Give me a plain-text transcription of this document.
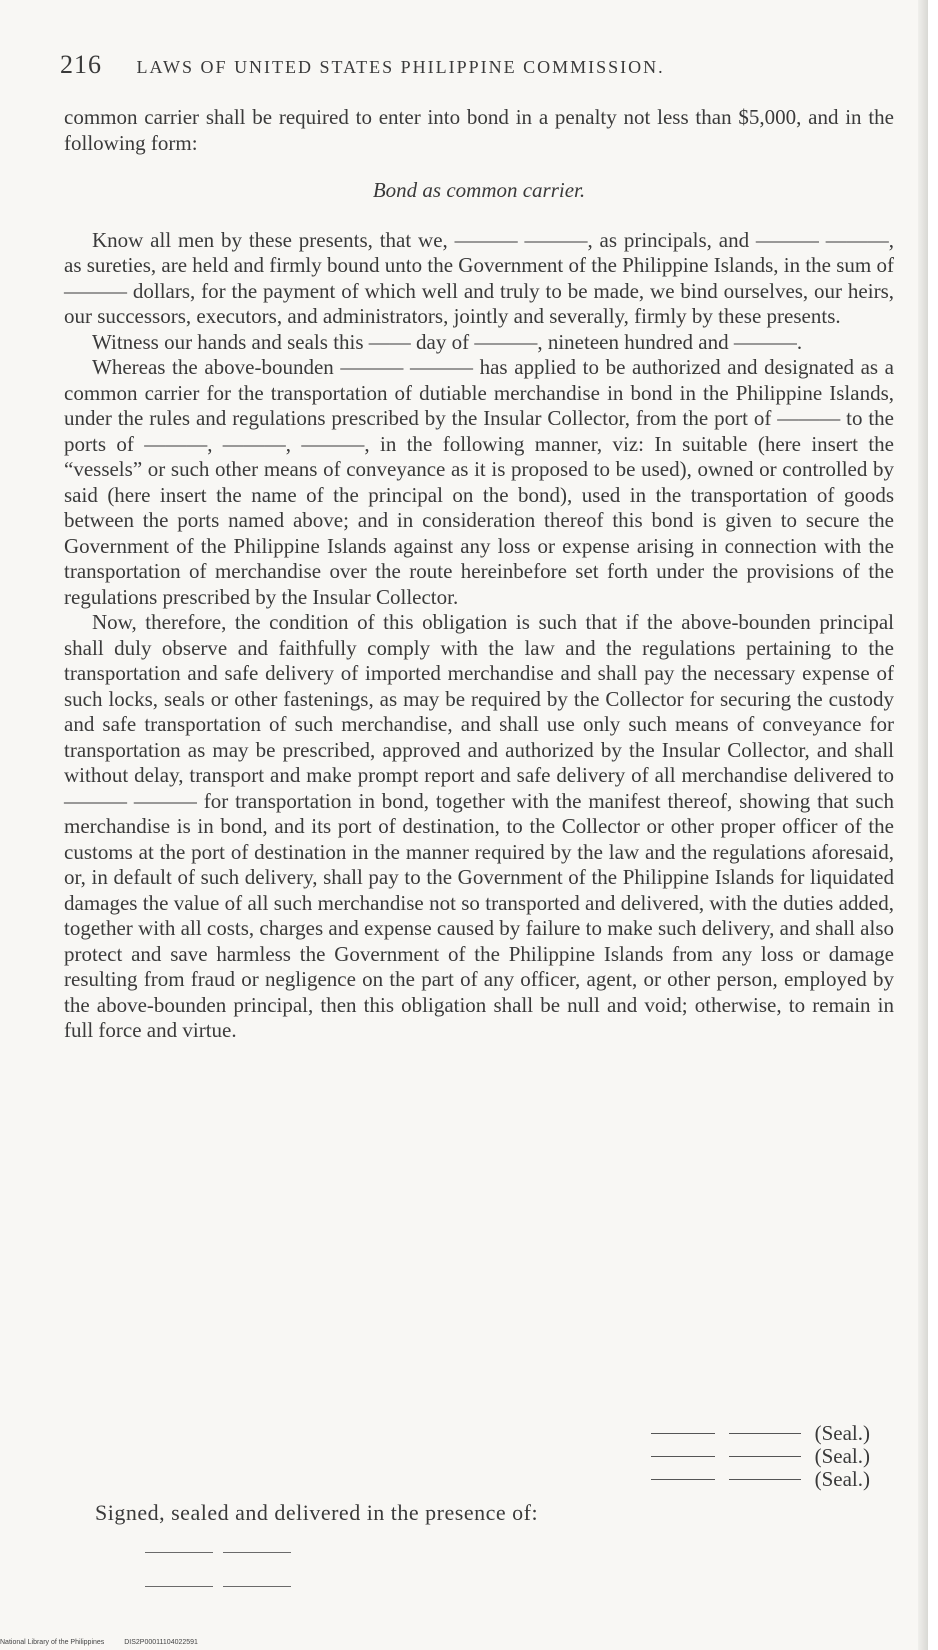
216 LAWS OF UNITED STATES PHILIPPINE COMMISSION.

common carrier shall be required to enter into bond in a penalty not less than $5,000, and in the following form:

Bond as common carrier.

Know all men by these presents, that we, ——— ———, as principals, and ——— ———, as sureties, are held and firmly bound unto the Government of the Philippine Islands, in the sum of ——— dollars, for the payment of which well and truly to be made, we bind ourselves, our heirs, our successors, executors, and administrators, jointly and severally, firmly by these presents.

Witness our hands and seals this —— day of ———, nineteen hundred and ———.

Whereas the above-bounden ——— ——— has applied to be authorized and designated as a common carrier for the transportation of dutiable merchandise in bond in the Philippine Islands, under the rules and regulations prescribed by the Insular Collector, from the port of ——— to the ports of ———, ———, ———, in the following manner, viz: In suitable (here insert the “vessels” or such other means of conveyance as it is proposed to be used), owned or controlled by said (here insert the name of the principal on the bond), used in the transportation of goods between the ports named above; and in consideration thereof this bond is given to secure the Government of the Philippine Islands against any loss or expense arising in connection with the transportation of merchandise over the route hereinbefore set forth under the provisions of the regulations prescribed by the Insular Collector.

Now, therefore, the condition of this obligation is such that if the above-bounden principal shall duly observe and faithfully comply with the law and the regulations pertaining to the transportation and safe delivery of imported merchandise and shall pay the necessary expense of such locks, seals or other fastenings, as may be required by the Collector for securing the custody and safe transportation of such merchandise, and shall use only such means of conveyance for transportation as may be prescribed, approved and authorized by the Insular Collector, and shall without delay, transport and make prompt report and safe delivery of all merchandise delivered to ——— ——— for transportation in bond, together with the manifest thereof, showing that such merchandise is in bond, and its port of destination, to the Collector or other proper officer of the customs at the port of destination in the manner required by the law and the regulations aforesaid, or, in default of such delivery, shall pay to the Government of the Philippine Islands for liquidated damages the value of all such merchandise not so transported and delivered, with the duties added, together with all costs, charges and expense caused by failure to make such delivery, and shall also protect and save harmless the Government of the Philippine Islands from any loss or damage resulting from fraud or negligence on the part of any officer, agent, or other person, employed by the above-bounden principal, then this obligation shall be null and void; otherwise, to remain in full force and virtue.

(Seal.)
(Seal.)
(Seal.)
Signed, sealed and delivered in the presence of:
National Library of the Philippines	DIS2P000111040225​91
